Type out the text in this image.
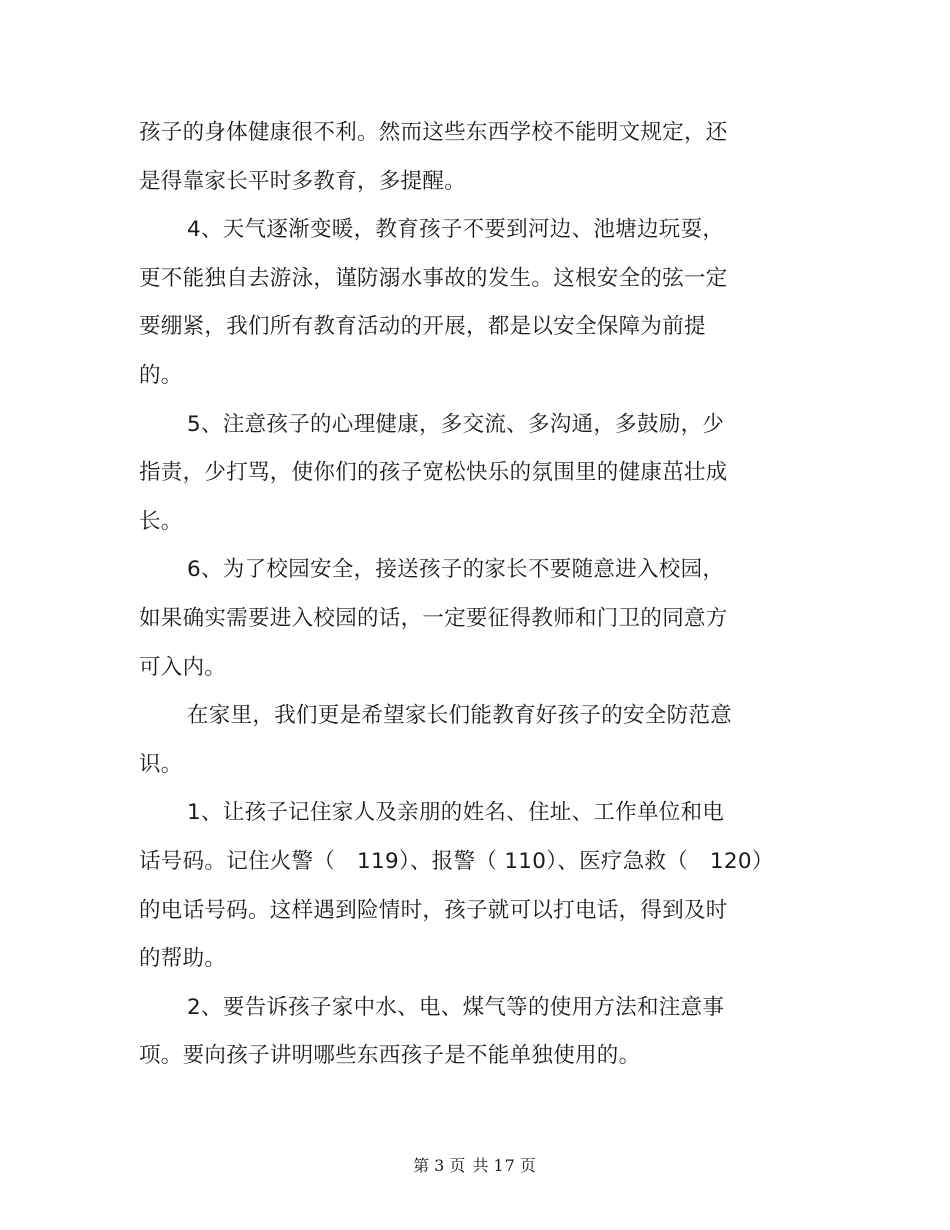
孩子的身体健康很不利。然而这些东西学校不能明文规定，还
是得靠家长平时多教育，多提醒。
4、天气逐渐变暖，教育孩子不要到河边、池塘边玩耍，
更不能独自去游泳，谨防溺水事故的发生。这根安全的弦一定
要绷紧，我们所有教育活动的开展，都是以安全保障为前提
的。
5、注意孩子的心理健康，多交流、多沟通，多鼓励，少
指责，少打骂，使你们的孩子宽松快乐的氛围里的健康茁壮成
长。
6、为了校园安全，接送孩子的家长不要随意进入校园，
如果确实需要进入校园的话，一定要征得教师和门卫的同意方
可入内。
在家里，我们更是希望家长们能教育好孩子的安全防范意
识。
1、让孩子记住家人及亲朋的姓名、住址、工作单位和电
话号码。记住火警（　119）、报警（ 110）、医疗急救（　120）
的电话号码。这样遇到险情时，孩子就可以打电话，得到及时
的帮助。
2、要告诉孩子家中水、电、煤气等的使用方法和注意事
项。要向孩子讲明哪些东西孩子是不能单独使用的。
第 3 页 共 17 页
